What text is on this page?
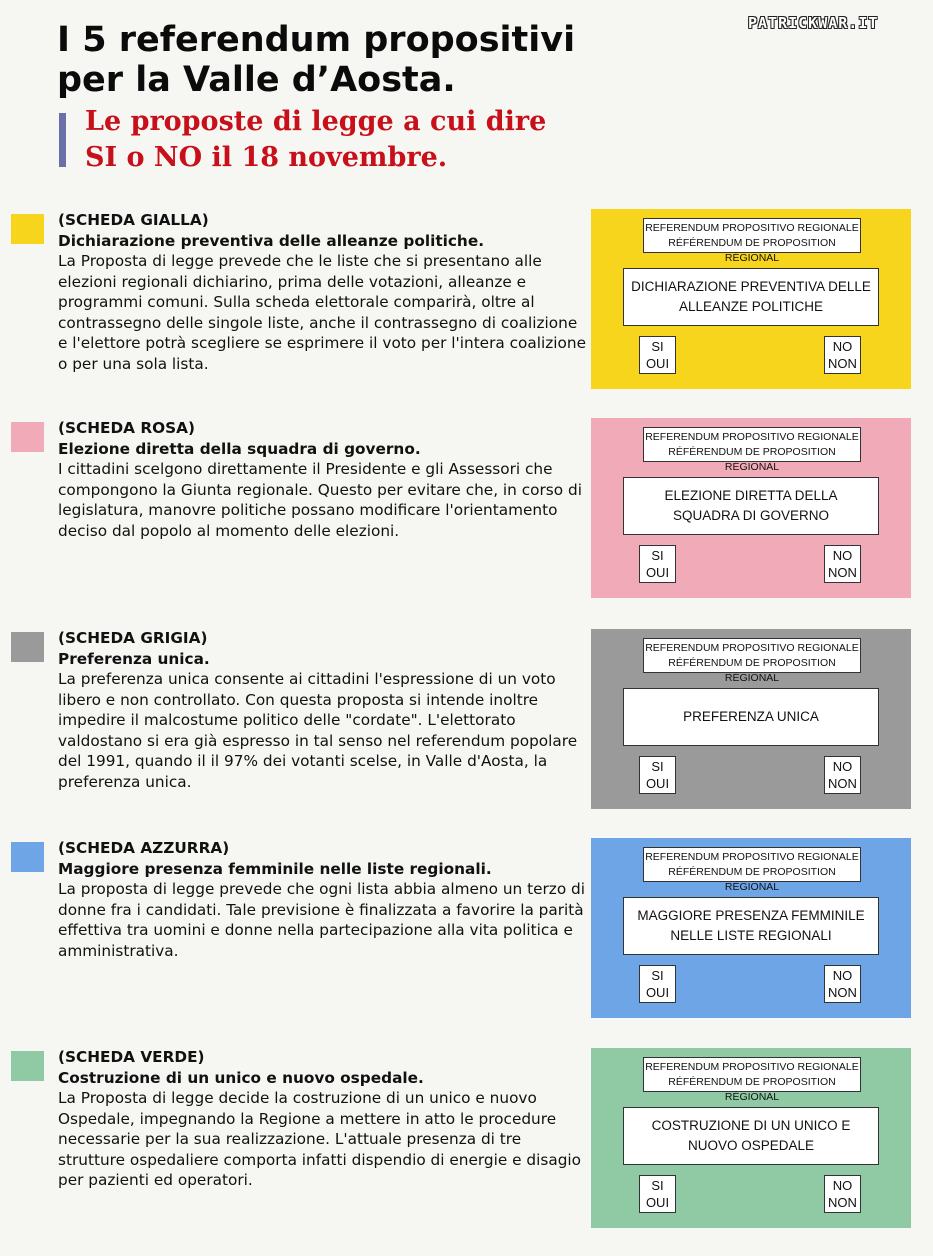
PATRICKWAR.IT
I 5 referendum propositivi
per la Valle d’Aosta.
Le proposte di legge a cui dire
SI o NO il 18 novembre.
(SCHEDA GIALLA)
Dichiarazione preventiva delle alleanze politiche.
La Proposta di legge prevede che le liste che si presentano alle elezioni regionali dichiarino, prima delle votazioni, alleanze e programmi comuni. Sulla scheda elettorale comparirà, oltre al contrassegno delle singole liste, anche il contrassegno di coalizione e l'elettore potrà scegliere se esprimere il voto per l'intera coalizione o per una sola lista.
REFERENDUM PROPOSITIVO REGIONALE
RÉFÉRENDUM DE PROPOSITION RÉGIONAL
DICHIARAZIONE PREVENTIVA DELLE ALLEANZE POLITICHE
SI
OUI
NO
NON
(SCHEDA ROSA)
Elezione diretta della squadra di governo.
I cittadini scelgono direttamente il Presidente e gli Assessori che compongono la Giunta regionale. Questo per evitare che, in corso di legislatura, manovre politiche possano modificare l'orientamento deciso dal popolo al momento delle elezioni.
REFERENDUM PROPOSITIVO REGIONALE
RÉFÉRENDUM DE PROPOSITION RÉGIONAL
ELEZIONE DIRETTA DELLA SQUADRA DI GOVERNO
SI
OUI
NO
NON
(SCHEDA GRIGIA)
Preferenza unica.
La preferenza unica consente ai cittadini l'espressione di un voto libero e non controllato. Con questa proposta si intende inoltre impedire il malcostume politico delle "cordate". L'elettorato valdostano si era già espresso in tal senso nel referendum popolare del 1991, quando il il 97% dei votanti scelse, in Valle d'Aosta, la preferenza unica.
REFERENDUM PROPOSITIVO REGIONALE
RÉFÉRENDUM DE PROPOSITION RÉGIONAL
PREFERENZA UNICA
SI
OUI
NO
NON
(SCHEDA AZZURRA)
Maggiore presenza femminile nelle liste regionali.
La proposta di legge prevede che ogni lista abbia almeno un terzo di donne fra i candidati. Tale previsione è finalizzata a favorire la parità effettiva tra uomini e donne nella partecipazione alla vita politica e amministrativa.
REFERENDUM PROPOSITIVO REGIONALE
RÉFÉRENDUM DE PROPOSITION RÉGIONAL
MAGGIORE PRESENZA FEMMINILE NELLE LISTE REGIONALI
SI
OUI
NO
NON
(SCHEDA VERDE)
Costruzione di un unico e nuovo ospedale.
La Proposta di legge decide la costruzione di un unico e nuovo Ospedale, impegnando la Regione a mettere in atto le procedure necessarie per la sua realizzazione. L'attuale presenza di tre strutture ospedaliere comporta infatti dispendio di energie e disagio per pazienti ed operatori.
REFERENDUM PROPOSITIVO REGIONALE
RÉFÉRENDUM DE PROPOSITION RÉGIONAL
COSTRUZIONE DI UN UNICO E NUOVO OSPEDALE
SI
OUI
NO
NON
